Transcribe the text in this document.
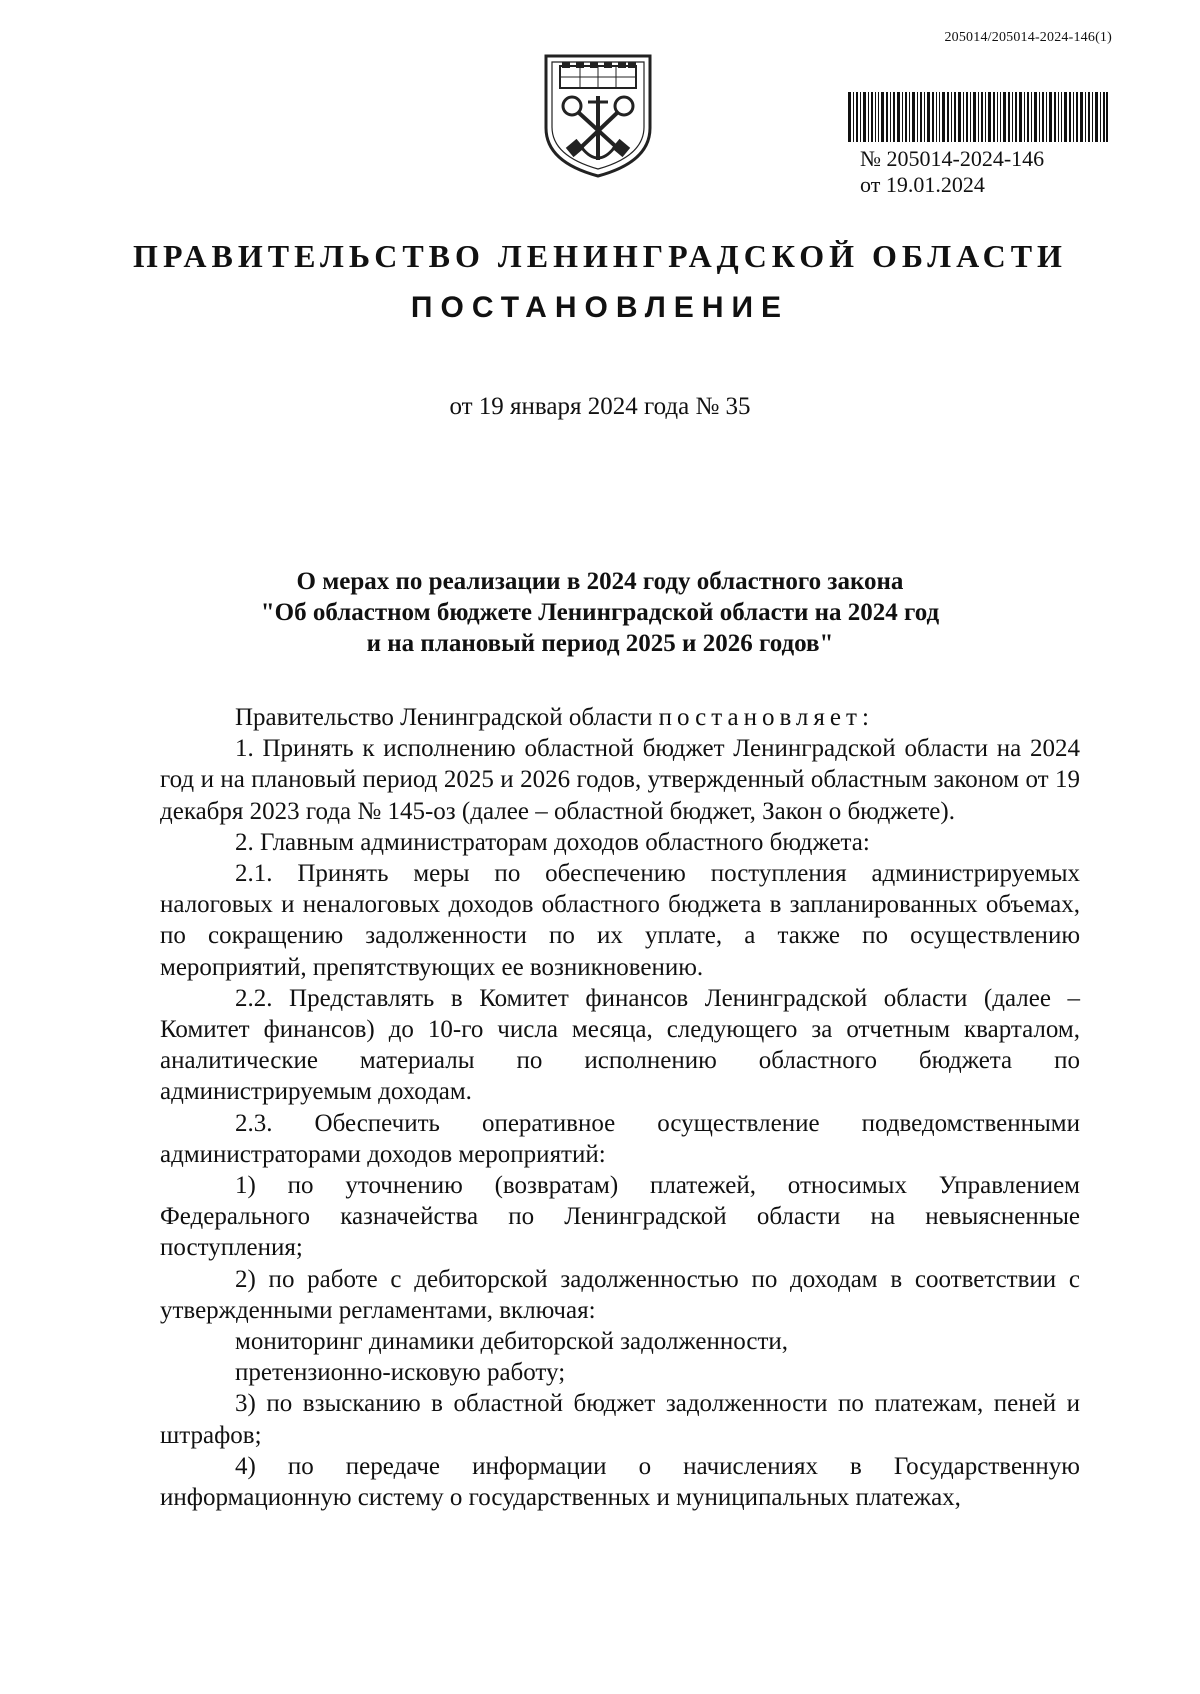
205014/205014-2024-146(1)
№ 205014-2024-146
от 19.01.2024
ПРАВИТЕЛЬСТВО ЛЕНИНГРАДСКОЙ ОБЛАСТИ
ПОСТАНОВЛЕНИЕ
от 19 января 2024 года № 35
О мерах по реализации в 2024 году областного закона
"Об областном бюджете Ленинградской области на 2024 год
и на плановый период 2025 и 2026 годов"

Правительство Ленинградской области постановляет:

1. Принять к исполнению областной бюджет Ленинградской области на 2024 год и на плановый период 2025 и 2026 годов, утвержденный областным законом от 19 декабря 2023 года № 145-оз (далее – областной бюджет, Закон о бюджете).

2. Главным администраторам доходов областного бюджета:

2.1. Принять меры по обеспечению поступления администрируемых налоговых и неналоговых доходов областного бюджета в запланированных объемах, по сокращению задолженности по их уплате, а также по осуществлению мероприятий, препятствующих ее возникновению.

2.2. Представлять в Комитет финансов Ленинградской области (далее – Комитет финансов) до 10-го числа месяца, следующего за отчетным кварталом, аналитические материалы по исполнению областного бюджета по администрируемым доходам.

2.3. Обеспечить оперативное осуществление подведомственными администраторами доходов мероприятий:

1) по уточнению (возвратам) платежей, относимых Управлением Федерального казначейства по Ленинградской области на невыясненные поступления;

2) по работе с дебиторской задолженностью по доходам в соответствии с утвержденными регламентами, включая:

мониторинг динамики дебиторской задолженности,

претензионно-исковую работу;

3) по взысканию в областной бюджет задолженности по платежам, пеней и штрафов;

4) по передаче информации о начислениях в Государственную информационную систему о государственных и муниципальных платежах,
